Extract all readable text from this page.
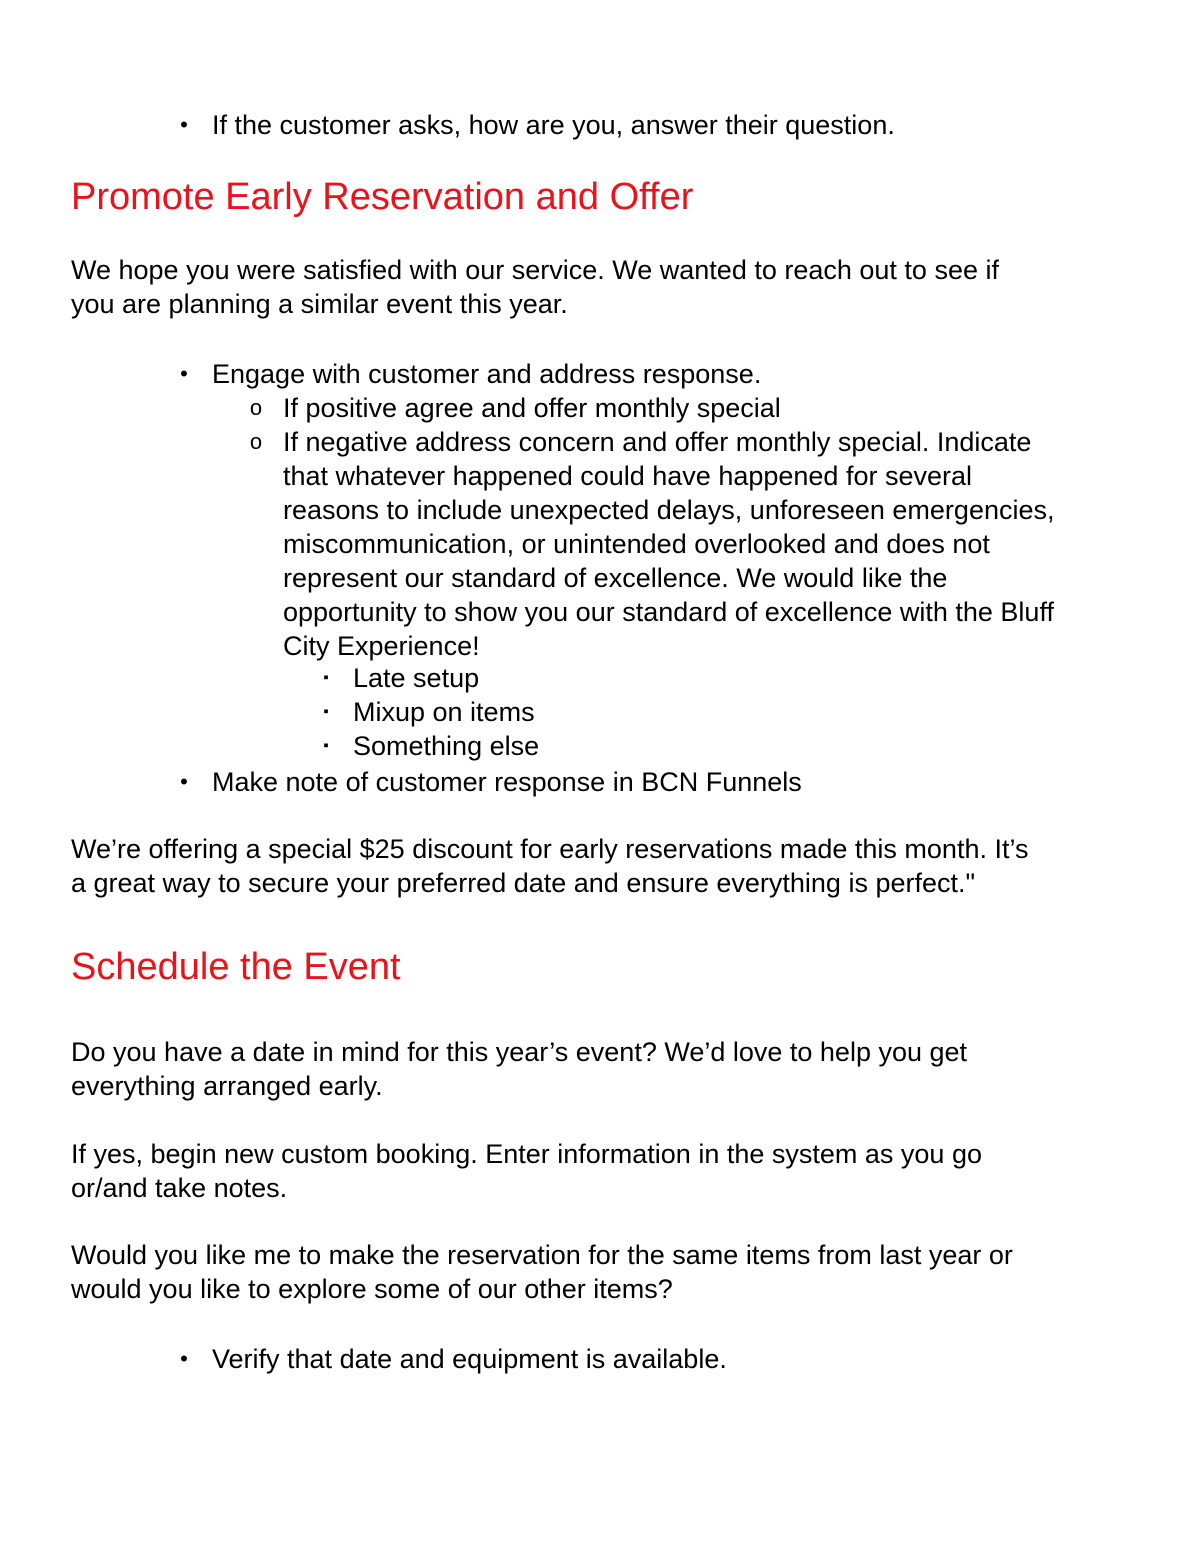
• If the customer asks, how are you, answer their question.
Promote Early Reservation and Offer

We hope you were satisfied with our service. We wanted to reach out to see if

you are planning a similar event this year.

• Engage with customer and address response.
o If positive agree and offer monthly special
o If negative address concern and offer monthly special. Indicate
that whatever happened could have happened for several
reasons to include unexpected delays, unforeseen emergencies,
miscommunication, or unintended overlooked and does not
represent our standard of excellence. We would like the
opportunity to show you our standard of excellence with the Bluff
City Experience!
▪ Late setup
▪ Mixup on items
▪ Something else
• Make note of customer response in BCN Funnels

We’re offering a special $25 discount for early reservations made this month. It’s

a great way to secure your preferred date and ensure everything is perfect."

Schedule the Event

Do you have a date in mind for this year’s event? We’d love to help you get

everything arranged early.

If yes, begin new custom booking. Enter information in the system as you go

or/and take notes.

Would you like me to make the reservation for the same items from last year or

would you like to explore some of our other items?

• Verify that date and equipment is available.
